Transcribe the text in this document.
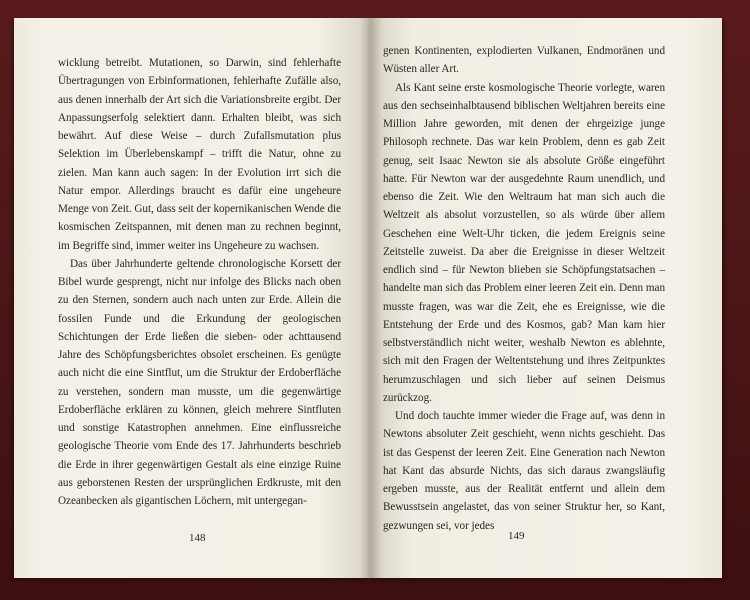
wicklung betreibt. Mutationen, so Darwin, sind fehlerhafte Übertragungen von Erbinformationen, fehlerhafte Zufälle also, aus denen innerhalb der Art sich die Variationsbreite ergibt. Der Anpassungserfolg selektiert dann. Erhalten bleibt, was sich bewährt. Auf diese Weise – durch Zufallsmutation plus Selektion im Überlebenskampf – trifft die Natur, ohne zu zielen. Man kann auch sagen: In der Evolution irrt sich die Natur empor. Allerdings braucht es dafür eine ungeheure Menge von Zeit. Gut, dass seit der kopernikanischen Wende die kosmischen Zeitspannen, mit denen man zu rechnen beginnt, im Begriffe sind, immer weiter ins Ungeheure zu wachsen.

Das über Jahrhunderte geltende chronologische Korsett der Bibel wurde gesprengt, nicht nur infolge des Blicks nach oben zu den Sternen, sondern auch nach unten zur Erde. Allein die fossilen Funde und die Erkundung der geologischen Schichtungen der Erde ließen die sieben- oder achttausend Jahre des Schöpfungsberichtes obsolet erscheinen. Es genügte auch nicht die eine Sintflut, um die Struktur der Erdoberfläche zu verstehen, sondern man musste, um die gegenwärtige Erdoberfläche erklären zu können, gleich mehrere Sintfluten und sonstige Katastrophen annehmen. Eine einflussreiche geologische Theorie vom Ende des 17. Jahrhunderts beschrieb die Erde in ihrer gegenwärtigen Gestalt als eine einzige Ruine aus geborstenen Resten der ursprünglichen Erdkruste, mit den Ozeanbecken als gigantischen Löchern, mit untergegan-

148

genen Kontinenten, explodierten Vulkanen, Endmoränen und Wüsten aller Art.

Als Kant seine erste kosmologische Theorie vorlegte, waren aus den sechseinhalbtausend biblischen Weltjahren bereits eine Million Jahre geworden, mit denen der ehrgeizige junge Philosoph rechnete. Das war kein Problem, denn es gab Zeit genug, seit Isaac Newton sie als absolute Größe eingeführt hatte. Für Newton war der ausgedehnte Raum unendlich, und ebenso die Zeit. Wie den Weltraum hat man sich auch die Weltzeit als absolut vorzustellen, so als würde über allem Geschehen eine Welt-Uhr ticken, die jedem Ereignis seine Zeitstelle zuweist. Da aber die Ereignisse in dieser Weltzeit endlich sind – für Newton blieben sie Schöpfungstatsachen – handelte man sich das Problem einer leeren Zeit ein. Denn man musste fragen, was war die Zeit, ehe es Ereignisse, wie die Entstehung der Erde und des Kosmos, gab? Man kam hier selbstverständlich nicht weiter, weshalb Newton es ablehnte, sich mit den Fragen der Weltentstehung und ihres Zeitpunktes herumzuschlagen und sich lieber auf seinen Deismus zurückzog.

Und doch tauchte immer wieder die Frage auf, was denn in Newtons absoluter Zeit geschieht, wenn nichts geschieht. Das ist das Gespenst der leeren Zeit. Eine Generation nach Newton hat Kant das absurde Nichts, das sich daraus zwangsläufig ergeben musste, aus der Realität entfernt und allein dem Bewusstsein angelastet, das von seiner Struktur her, so Kant, gezwungen sei, vor jedes

149
